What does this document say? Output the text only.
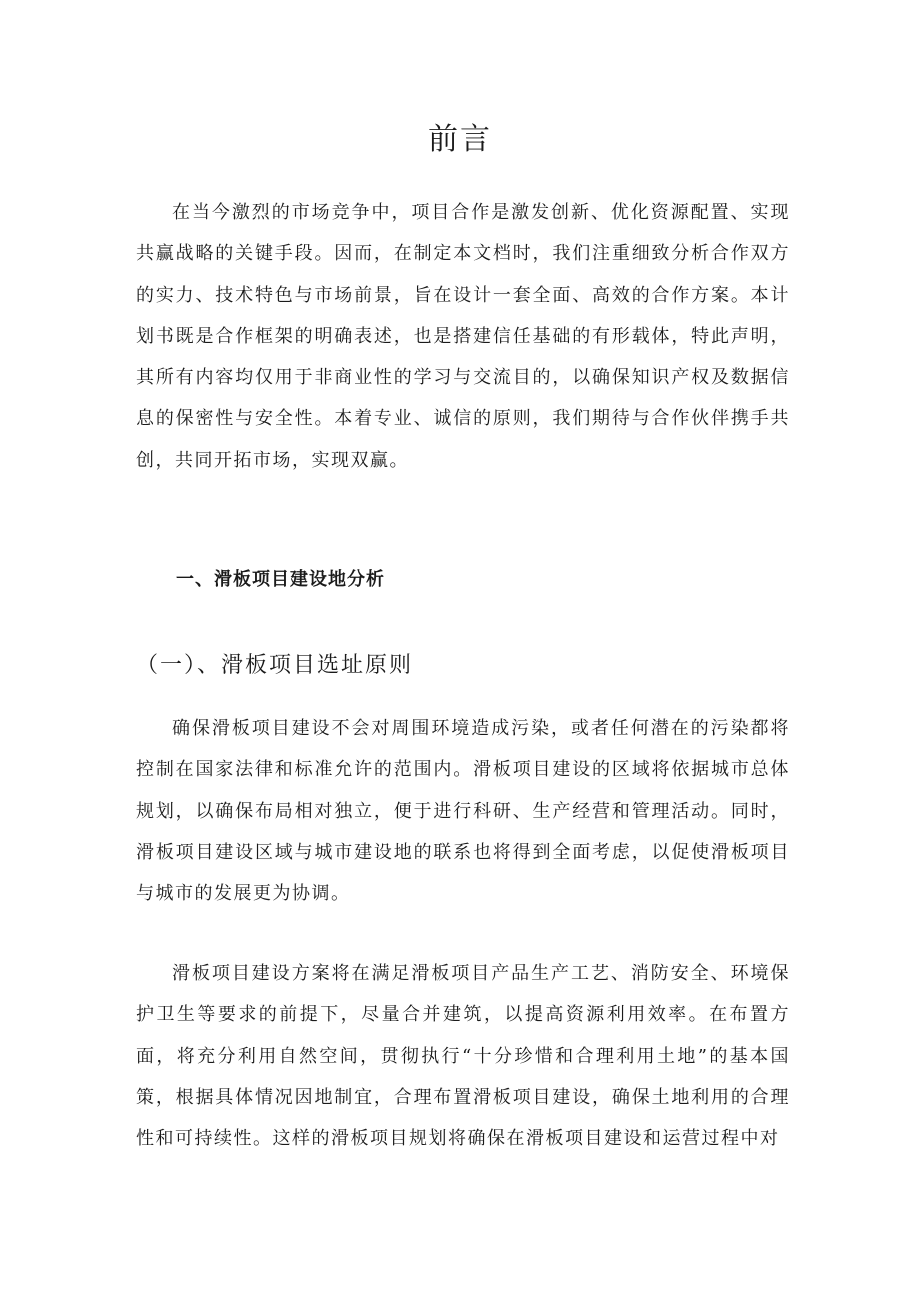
前言

在当今激烈的市场竞争中，项目合作是激发创新、优化资源配置、实现共赢战略的关键手段。因而，在制定本文档时，我们注重细致分析合作双方的实力、技术特色与市场前景，旨在设计一套全面、高效的合作方案。本计划书既是合作框架的明确表述，也是搭建信任基础的有形载体，特此声明，其所有内容均仅用于非商业性的学习与交流目的，以确保知识产权及数据信息的保密性与安全性。本着专业、诚信的原则，我们期待与合作伙伴携手共创，共同开拓市场，实现双赢。

一、滑板项目建设地分析
（一）、滑板项目选址原则

确保滑板项目建设不会对周围环境造成污染，或者任何潜在的污染都将控制在国家法律和标准允许的范围内。滑板项目建设的区域将依据城市总体规划，以确保布局相对独立，便于进行科研、生产经营和管理活动。同时，滑板项目建设区域与城市建设地的联系也将得到全面考虑，以促使滑板项目与城市的发展更为协调。

滑板项目建设方案将在满足滑板项目产品生产工艺、消防安全、环境保护卫生等要求的前提下，尽量合并建筑，以提高资源利用效率。在布置方面，将充分利用自然空间，贯彻执行“十分珍惜和合理利用土地”的基本国策，根据具体情况因地制宜，合理布置滑板项目建设，确保土地利用的合理性和可持续性。这样的滑板项目规划将确保在滑板项目建设和运营过程中对
